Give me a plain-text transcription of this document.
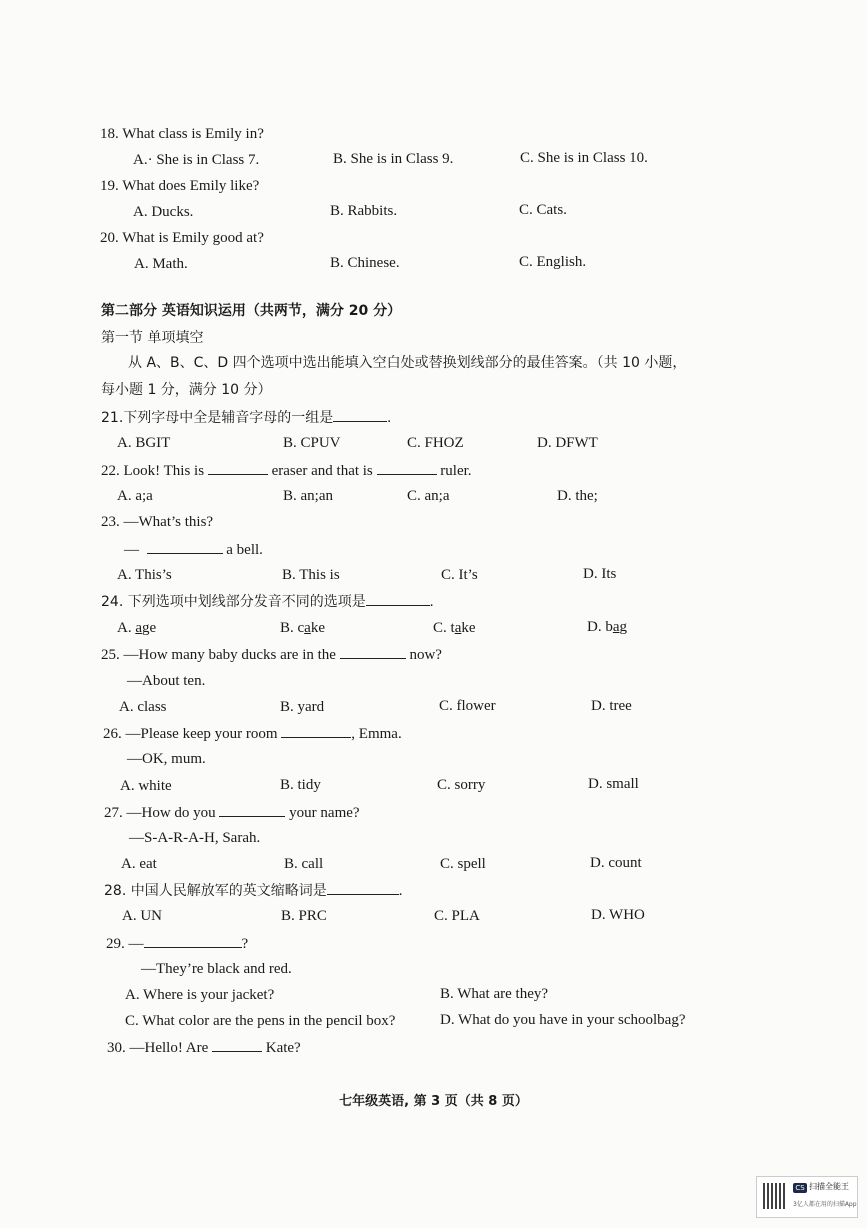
18. What class is Emily in?
A.· She is in Class 7.	B. She is in Class 9.	C. She is in Class 10.
19. What does Emily like?
A. Ducks.	B. Rabbits.	C. Cats.
20. What is Emily good at?
A. Math.	B. Chinese.	C. English.
第二部分 英语知识运用（共两节，满分 20 分）
第一节 单项填空
从 A、B、C、D 四个选项中选出能填入空白处或替换划线部分的最佳答案。（共 10 小题，
每小题 1 分，满分 10 分）
21.下列字母中全是辅音字母的一组是	.
A. BGIT	B. CPUV	C. FHOZ	D. DFWT
22. Look! This is	eraser and that is	ruler.
A. a;a	B. an;an	C. an;a	D. the;
23. —What’s this?
—	a bell.
A. This’s	B. This is	C. It’s	D. Its
24. 下列选项中划线部分发音不同的选项是	.
A. age	B. cake	C. take	D. bag
25. —How many baby ducks are in the	now?
—About ten.
A. class	B. yard	C. flower	D. tree
26. —Please keep your room	, Emma.
—OK, mum.
A. white	B. tidy	C. sorry	D. small
27. —How do you	your name?
—S-A-R-A-H, Sarah.
A. eat	B. call	C. spell	D. count
28. 中国人民解放军的英文缩略词是	.
A. UN	B. PRC	C. PLA	D. WHO
29. —	?
—They’re black and red.
A. Where is your jacket?	B. What are they?
C. What color are the pens in the pencil box?	D. What do you have in your schoolbag?
30. —Hello! Are	Kate?
七年级英语, 第 3 页（共 8 页）
CS 扫描全能王
3亿人都在用的扫描App
